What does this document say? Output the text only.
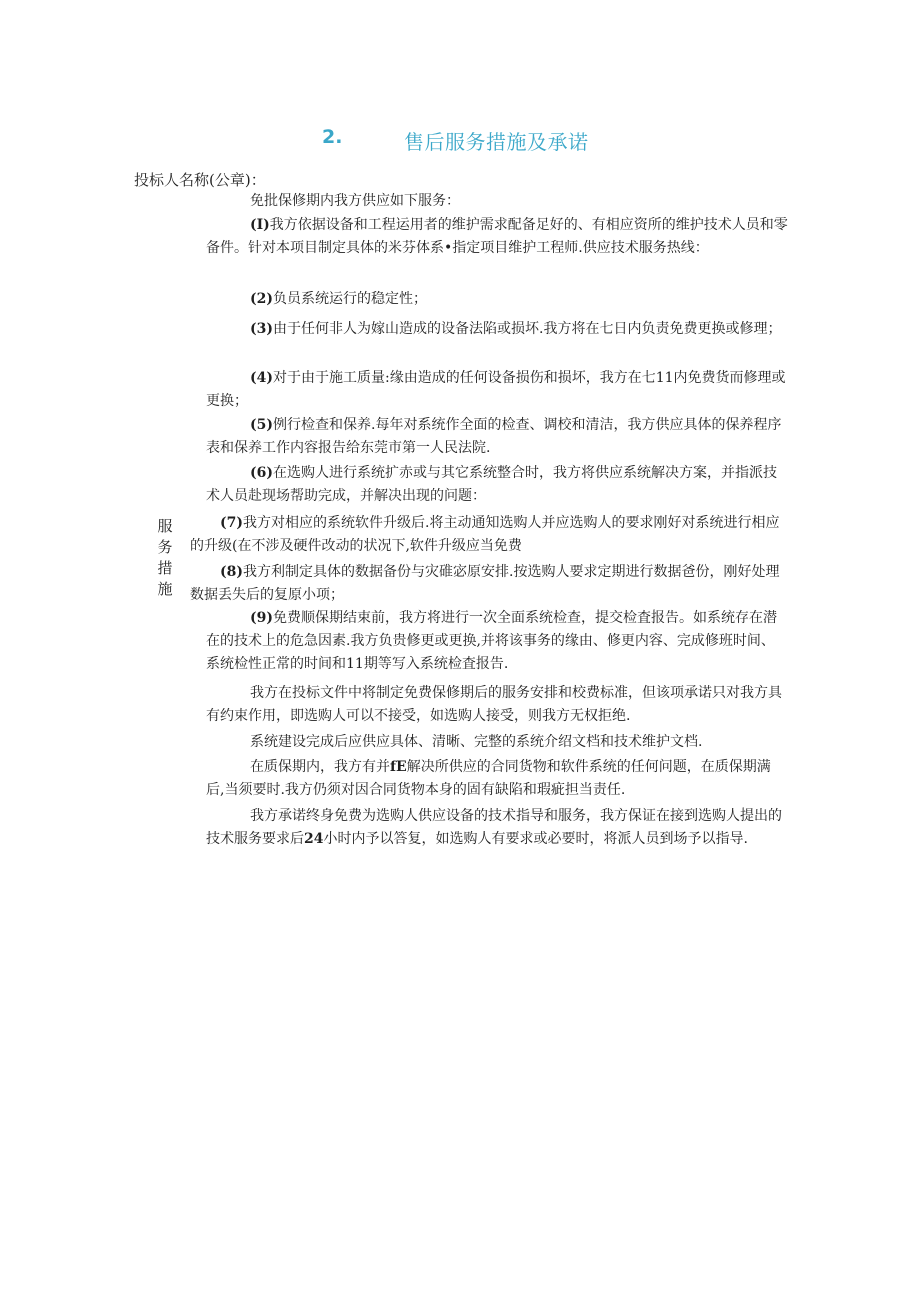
2.	售后服务措施及承诺
投标人名称(公章)：
服
务
措
施

免批保修期内我方供应如下服务：

(I)我方依据设备和工程运用者的维护需求配备足好的、有相应资所的维护技术人员和零备件。针对本项目制定具体的米芬体系•指定项目维护工程师.供应技术服务热线：

(2)负员系统运行的稳定性；

(3)由于任何非人为嫁山造成的设备法陷或损坏.我方将在七日内负责免费更换或修理；

(4)对于由于施工质量:缘由造成的任何设备损伤和损坏，我方在七11内免费货而修理或更换；

(5)例行检查和保养.每年对系统作全面的检查、调校和清洁，我方供应具体的保养程序表和保养工作内容报告给东莞市第一人民法院.

(6)在选购人进行系统扩赤或与其它系统整合时，我方将供应系统解决方案，并指派技术人员赴现场帮助完成，并解决出现的问题：

(7)我方对相应的系统软件升级后.将主动通知选购人并应选购人的要求刚好对系统进行相应的升级(在不涉及硬件改动的状况下,软件升级应当免费

(8)我方利制定具体的数据备份与灾碓宓原安排.按选购人要求定期进行数据爸份，刚好处理数据丢失后的复原小项；

(9)免费顺保期结束前，我方将进行一次全面系统检查，提交检査报告。如系统存在潜在的技术上的危急因素.我方负贵修更或更换,并将该事务的缘由、修更内容、完成修班时间、系统检性正常的时间和11期等写入系统检査报告.

我方在投标文件中将制定免费保修期后的服务安排和校费标准，但该项承诺只对我方具有约束作用，即选购人可以不接受，如选购人接受，则我方无权拒绝.

系统建设完成后应供应具体、清晰、完整的系统介绍文档和技术维护文档.

在质保期内，我方有并fE解决所供应的合同货物和软件系统的任何问题，在质保期满后,当须要时.我方仍须对因合同货物本身的固有缺陷和瑕疵担当责任.

我方承诺终身免费为选购人供应设备的技术指导和服务，我方保证在接到选购人提出的技术服务要求后24小时内予以答复，如选购人有要求或必要时，将派人员到场予以指导.
